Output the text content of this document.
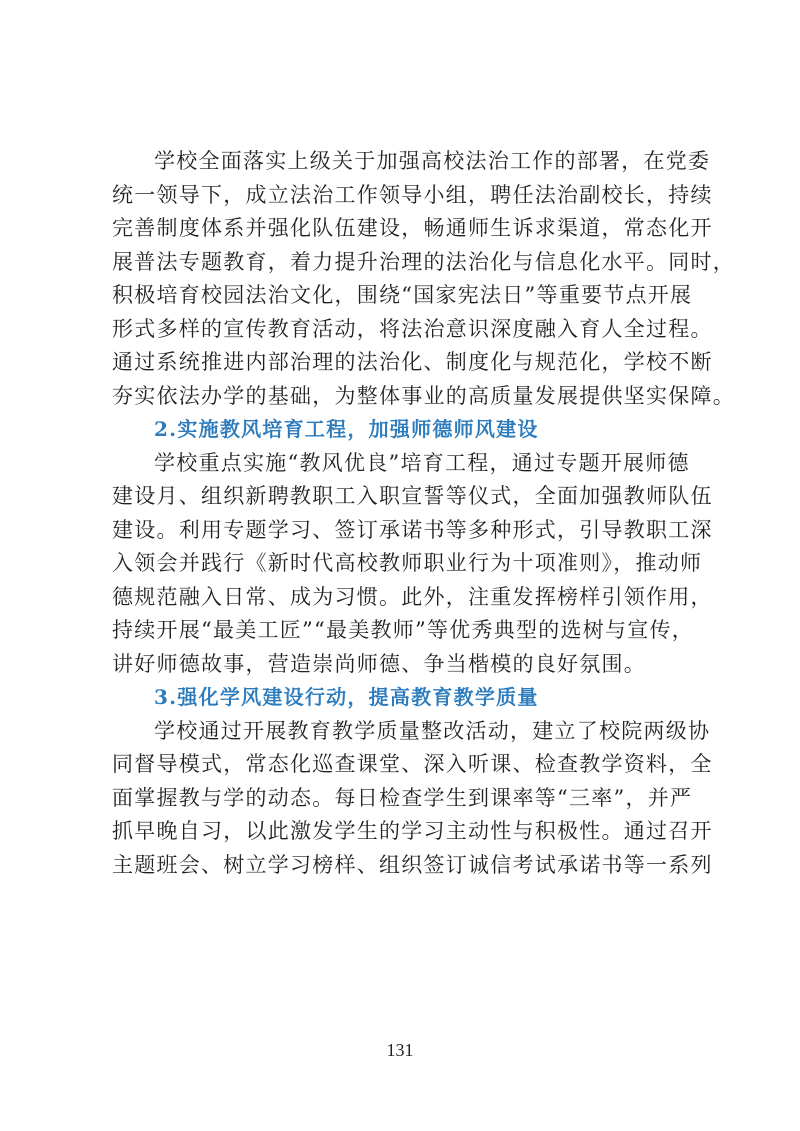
学校全面落实上级关于加强高校法治工作的部署，在党委
统一领导下，成立法治工作领导小组，聘任法治副校长，持续
完善制度体系并强化队伍建设，畅通师生诉求渠道，常态化开
展普法专题教育，着力提升治理的法治化与信息化水平。同时，
积极培育校园法治文化，围绕“国家宪法日”等重要节点开展
形式多样的宣传教育活动，将法治意识深度融入育人全过程。
通过系统推进内部治理的法治化、制度化与规范化，学校不断
夯实依法办学的基础，为整体事业的高质量发展提供坚实保障。
2.实施教风培育工程，加强师德师风建设
学校重点实施“教风优良”培育工程，通过专题开展师德
建设月、组织新聘教职工入职宣誓等仪式，全面加强教师队伍
建设。利用专题学习、签订承诺书等多种形式，引导教职工深
入领会并践行《新时代高校教师职业行为十项准则》，推动师
德规范融入日常、成为习惯。此外，注重发挥榜样引领作用，
持续开展“最美工匠”“最美教师”等优秀典型的选树与宣传，
讲好师德故事，营造崇尚师德、争当楷模的良好氛围。
3.强化学风建设行动，提高教育教学质量
学校通过开展教育教学质量整改活动，建立了校院两级协
同督导模式，常态化巡查课堂、深入听课、检查教学资料，全
面掌握教与学的动态。每日检查学生到课率等“三率”，并严
抓早晚自习，以此激发学生的学习主动性与积极性。通过召开
主题班会、树立学习榜样、组织签订诚信考试承诺书等一系列
131
